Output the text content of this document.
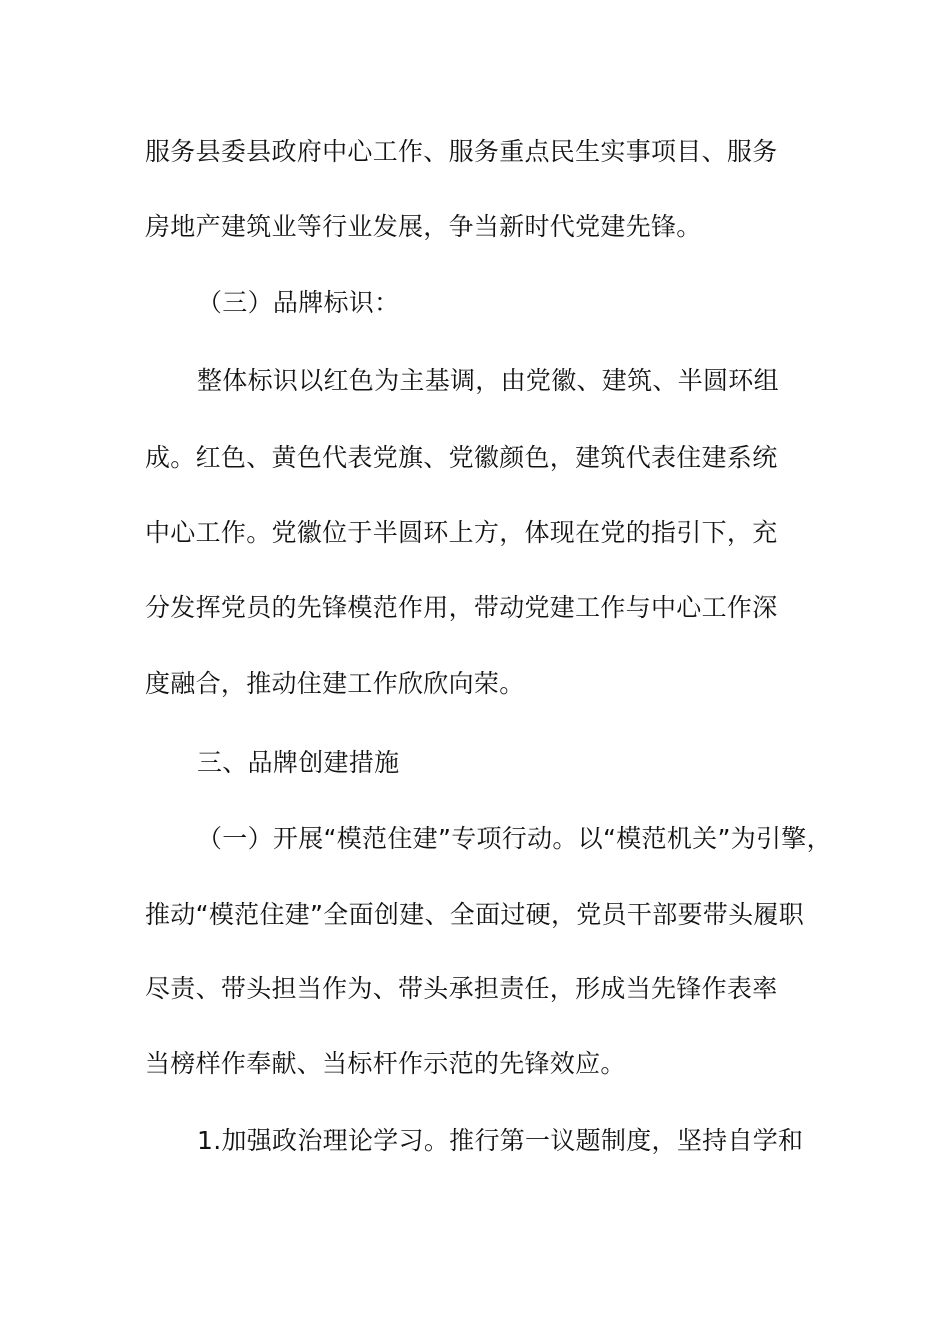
服务县委县政府中心工作、服务重点民生实事项目、服务
房地产建筑业等行业发展，争当新时代党建先锋。
（三）品牌标识：
整体标识以红色为主基调，由党徽、建筑、半圆环组
成。红色、黄色代表党旗、党徽颜色，建筑代表住建系统
中心工作。党徽位于半圆环上方，体现在党的指引下，充
分发挥党员的先锋模范作用，带动党建工作与中心工作深
度融合，推动住建工作欣欣向荣。
三、品牌创建措施
（一）开展“模范住建”专项行动。以“模范机关”为引擎，
推动“模范住建”全面创建、全面过硬，党员干部要带头履职
尽责、带头担当作为、带头承担责任，形成当先锋作表率
当榜样作奉献、当标杆作示范的先锋效应。
1.加强政治理论学习。推行第一议题制度，坚持自学和
